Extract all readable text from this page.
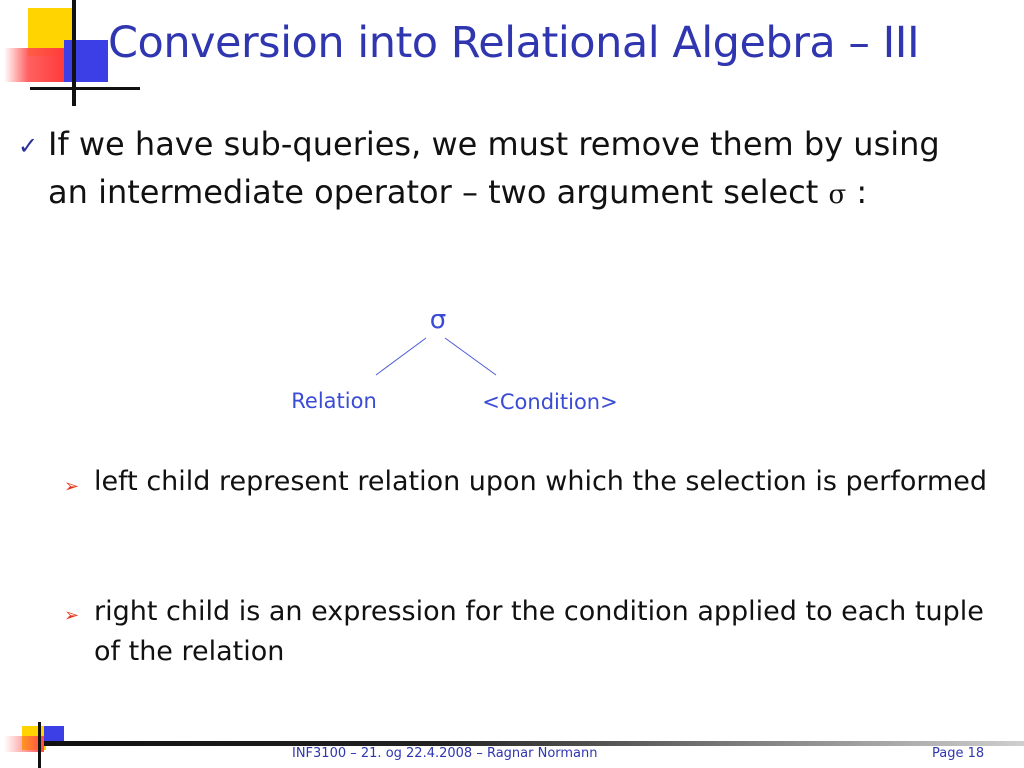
Conversion into Relational Algebra – III
✓ If we have sub-queries, we must remove them by using an intermediate operator – two argument select σ :
σ
Relation	<Condition>
➢ left child represent relation upon which the selection is performed
➢ right child is an expression for the condition applied to each tuple of the relation
INF3100 – 21. og 22.4.2008 – Ragnar Normann	Page 18
